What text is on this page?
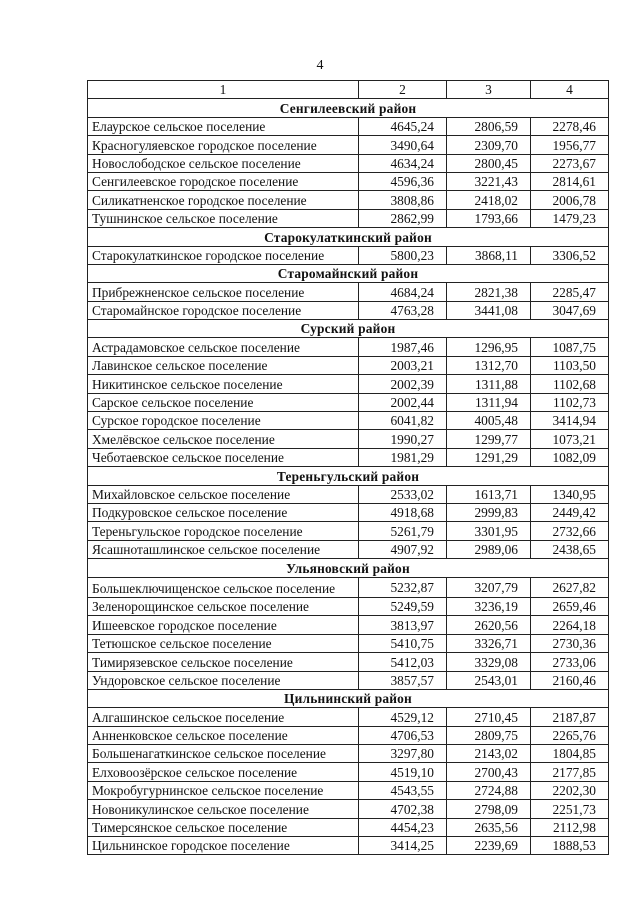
4
1	2	3	4
Сенгилеевский район			
Елаурское сельское поселение	4645,24	2806,59	2278,46
Красногуляевское городское поселение	3490,64	2309,70	1956,77
Новослободское сельское поселение	4634,24	2800,45	2273,67
Сенгилеевское городское поселение	4596,36	3221,43	2814,61
Силикатненское городское поселение	3808,86	2418,02	2006,78
Тушнинское сельское поселение	2862,99	1793,66	1479,23
Старокулаткинский район			
Старокулаткинское городское поселение	5800,23	3868,11	3306,52
Старомайнский район			
Прибрежненское сельское поселение	4684,24	2821,38	2285,47
Старомайнское городское поселение	4763,28	3441,08	3047,69
Сурский район			
Астрадамовское сельское поселение	1987,46	1296,95	1087,75
Лавинское сельское поселение	2003,21	1312,70	1103,50
Никитинское сельское поселение	2002,39	1311,88	1102,68
Сарское сельское поселение	2002,44	1311,94	1102,73
Сурское городское поселение	6041,82	4005,48	3414,94
Хмелёвское сельское поселение	1990,27	1299,77	1073,21
Чеботаевское сельское поселение	1981,29	1291,29	1082,09
Тереньгульский район			
Михайловское сельское поселение	2533,02	1613,71	1340,95
Подкуровское сельское поселение	4918,68	2999,83	2449,42
Тереньгульское городское поселение	5261,79	3301,95	2732,66
Ясашноташлинское сельское поселение	4907,92	2989,06	2438,65
Ульяновский район			
Большеключищенское сельское поселение	5232,87	3207,79	2627,82
Зеленорощинское сельское поселение	5249,59	3236,19	2659,46
Ишеевское городское поселение	3813,97	2620,56	2264,18
Тетюшское сельское поселение	5410,75	3326,71	2730,36
Тимирязевское сельское поселение	5412,03	3329,08	2733,06
Ундоровское сельское поселение	3857,57	2543,01	2160,46
Цильнинский район			
Алгашинское сельское поселение	4529,12	2710,45	2187,87
Анненковское сельское поселение	4706,53	2809,75	2265,76
Большенагаткинское сельское поселение	3297,80	2143,02	1804,85
Елховоозёрское сельское поселение	4519,10	2700,43	2177,85
Мокробугурнинское сельское поселение	4543,55	2724,88	2202,30
Новоникулинское сельское поселение	4702,38	2798,09	2251,73
Тимерсянское сельское поселение	4454,23	2635,56	2112,98
Цильнинское городское поселение	3414,25	2239,69	1888,53
